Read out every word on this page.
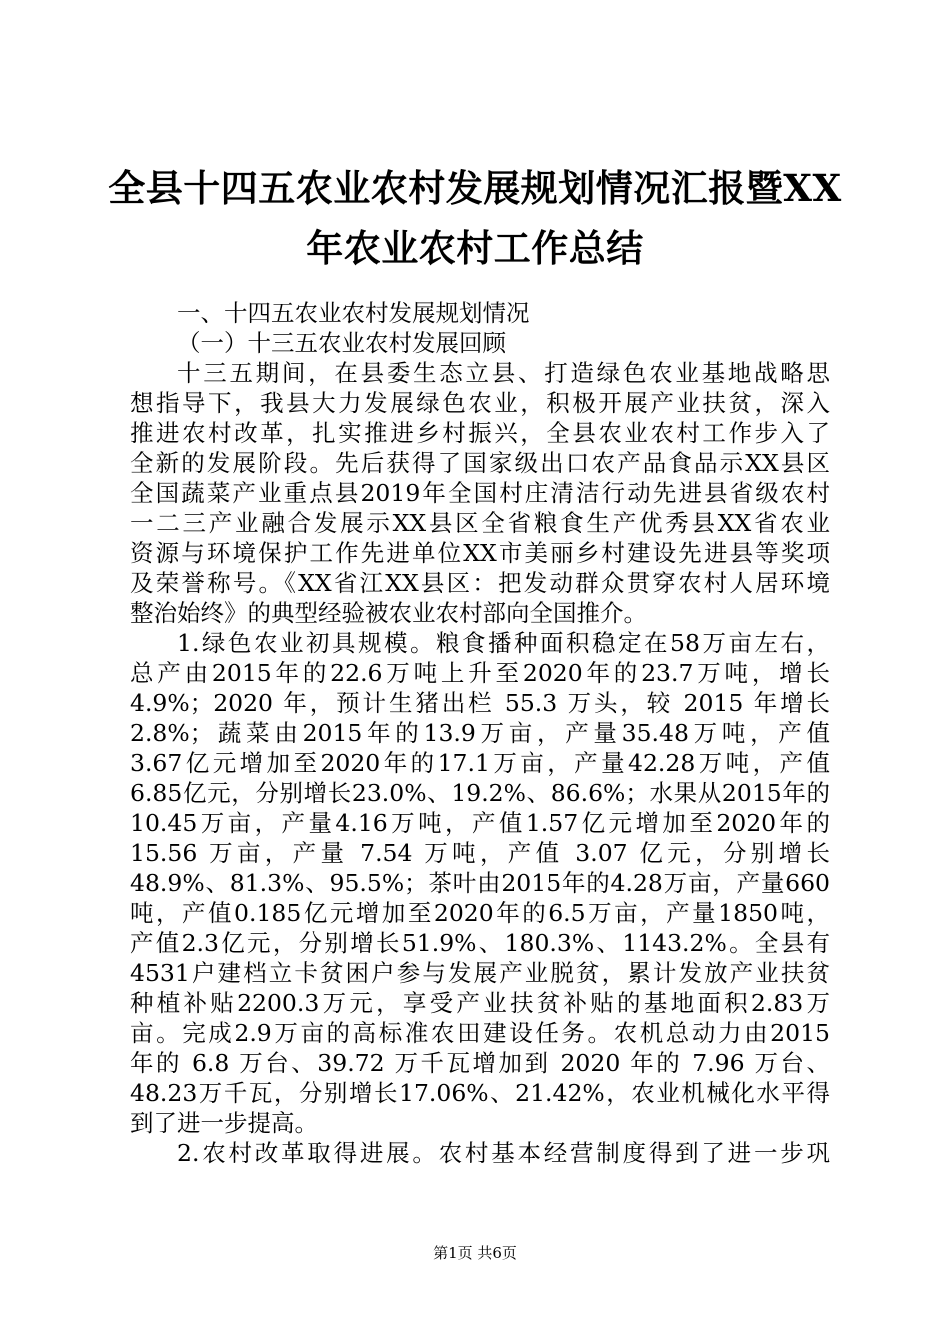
全县十四五农业农村发展规划情况汇报暨XX
年农业农村工作总结
一、十四五农业农村发展规划情况
（一）十三五农业农村发展回顾
十三五期间，在县委生态立县、打造绿色农业基地战略思
想指导下，我县大力发展绿色农业，积极开展产业扶贫，深入
推进农村改革，扎实推进乡村振兴，全县农业农村工作步入了
全新的发展阶段。先后获得了国家级出口农产品食品示XX县区
全国蔬菜产业重点县2019年全国村庄清洁行动先进县省级农村
一二三产业融合发展示XX县区全省粮食生产优秀县XX省农业
资源与环境保护工作先进单位XX市美丽乡村建设先进县等奖项
及荣誉称号。《XX省江XX县区：把发动群众贯穿农村人居环境
整治始终》的典型经验被农业农村部向全国推介。
1.绿色农业初具规模。粮食播种面积稳定在58万亩左右，
总产由2015年的22.6万吨上升至2020年的23.7万吨，增长
4.9%；2020 年，预计生猪出栏 55.3 万头，较 2015 年增长
2.8%；蔬菜由2015年的13.9万亩，产量35.48万吨，产值
3.67亿元增加至2020年的17.1万亩，产量42.28万吨，产值
6.85亿元，分别增长23.0%、19.2%、86.6%；水果从2015年的
10.45万亩，产量4.16万吨，产值1.57亿元增加至2020年的
15.56 万亩，产量 7.54 万吨，产值 3.07 亿元，分别增长
48.9%、81.3%、95.5%；茶叶由2015年的4.28万亩，产量660
吨，产值0.185亿元增加至2020年的6.5万亩，产量1850吨，
产值2.3亿元，分别增长51.9%、180.3%、1143.2%。全县有
4531户建档立卡贫困户参与发展产业脱贫，累计发放产业扶贫
种植补贴2200.3万元，享受产业扶贫补贴的基地面积2.83万
亩。完成2.9万亩的高标准农田建设任务。农机总动力由2015
年的 6.8 万台、39.72 万千瓦增加到 2020 年的 7.96 万台、
48.23万千瓦，分别增长17.06%、21.42%，农业机械化水平得
到了进一步提高。
2.农村改革取得进展。农村基本经营制度得到了进一步巩
第1页 共6页
